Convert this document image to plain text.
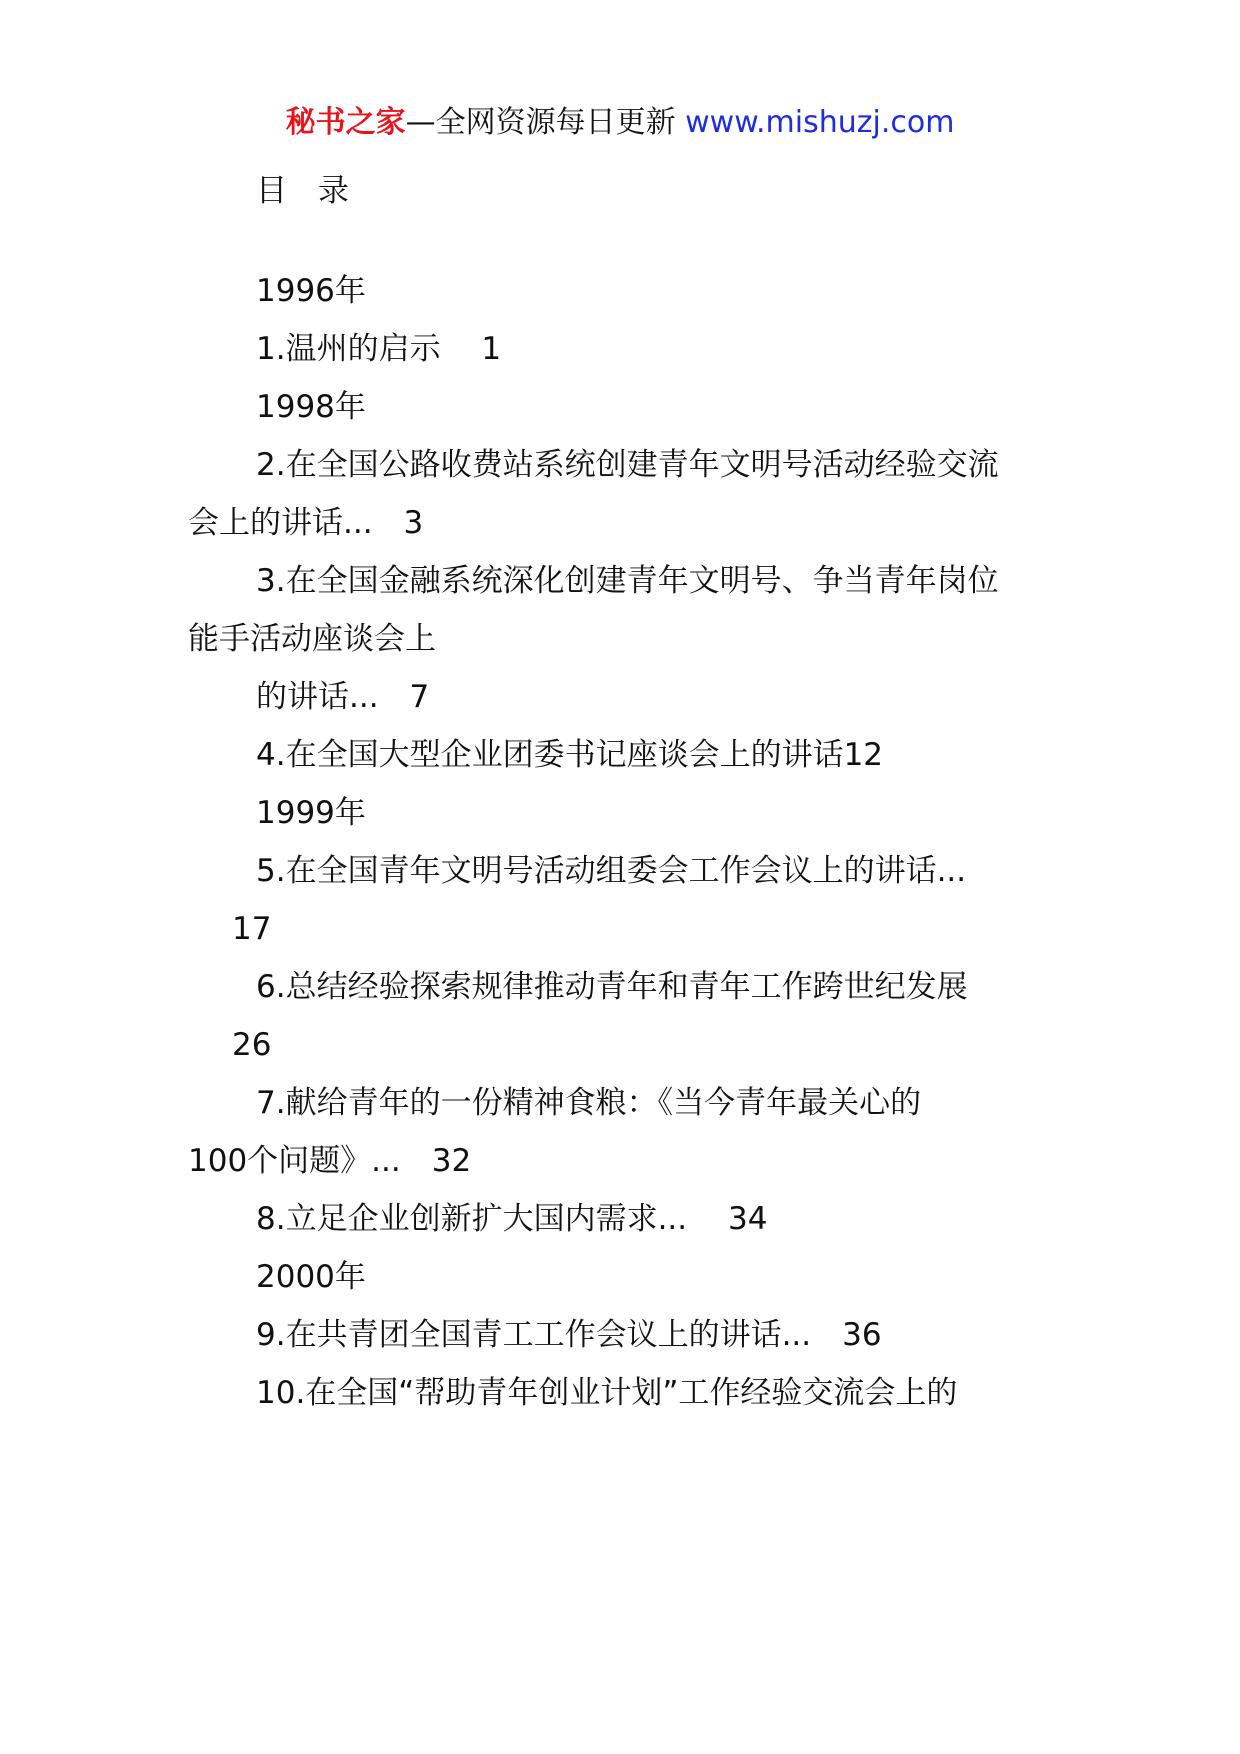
秘书之家—全网资源每日更新 www.mishuzj.com
目　录
1996年
1.温州的启示　 1
1998年
2.在全国公路收费站系统创建青年文明号活动经验交流
会上的讲话...　3
3.在全国金融系统深化创建青年文明号、争当青年岗位
能手活动座谈会上
的讲话...　7
4.在全国大型企业团委书记座谈会上的讲话12
1999年
5.在全国青年文明号活动组委会工作会议上的讲话...
17
6.总结经验探索规律推动青年和青年工作跨世纪发展
26
7.献给青年的一份精神食粮：《当今青年最关心的
100个问题》...　32
8.立足企业创新扩大国内需求...　 34
2000年
9.在共青团全国青工工作会议上的讲话...　36
10.在全国“帮助青年创业计划”工作经验交流会上的
